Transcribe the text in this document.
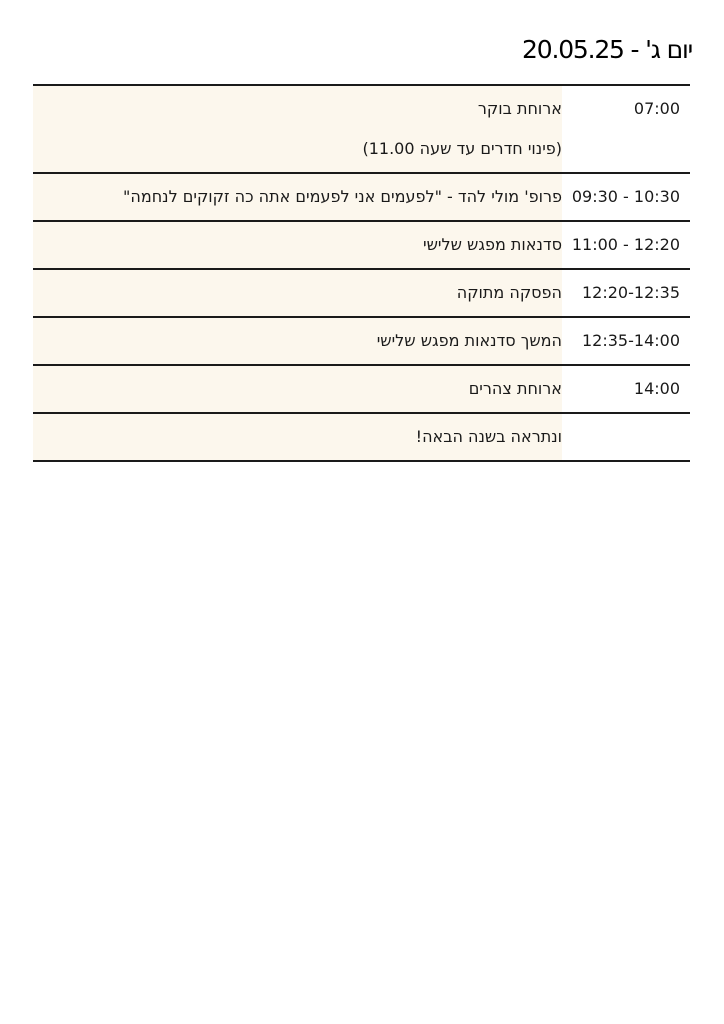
יום ג' - 20.05.25
07:00
ארוחת בוקר
(פינוי חדרים עד שעה 11.00)
09:30 - 10:30
פרופ' מולי להד - "לפעמים אני לפעמים אתה כה זקוקים לנחמה"
11:00 - 12:20
סדנאות מפגש שלישי
12:20-12:35
הפסקה מתוקה
12:35-14:00
המשך סדנאות מפגש שלישי
14:00
ארוחת צהרים
ונתראה בשנה הבאה!
